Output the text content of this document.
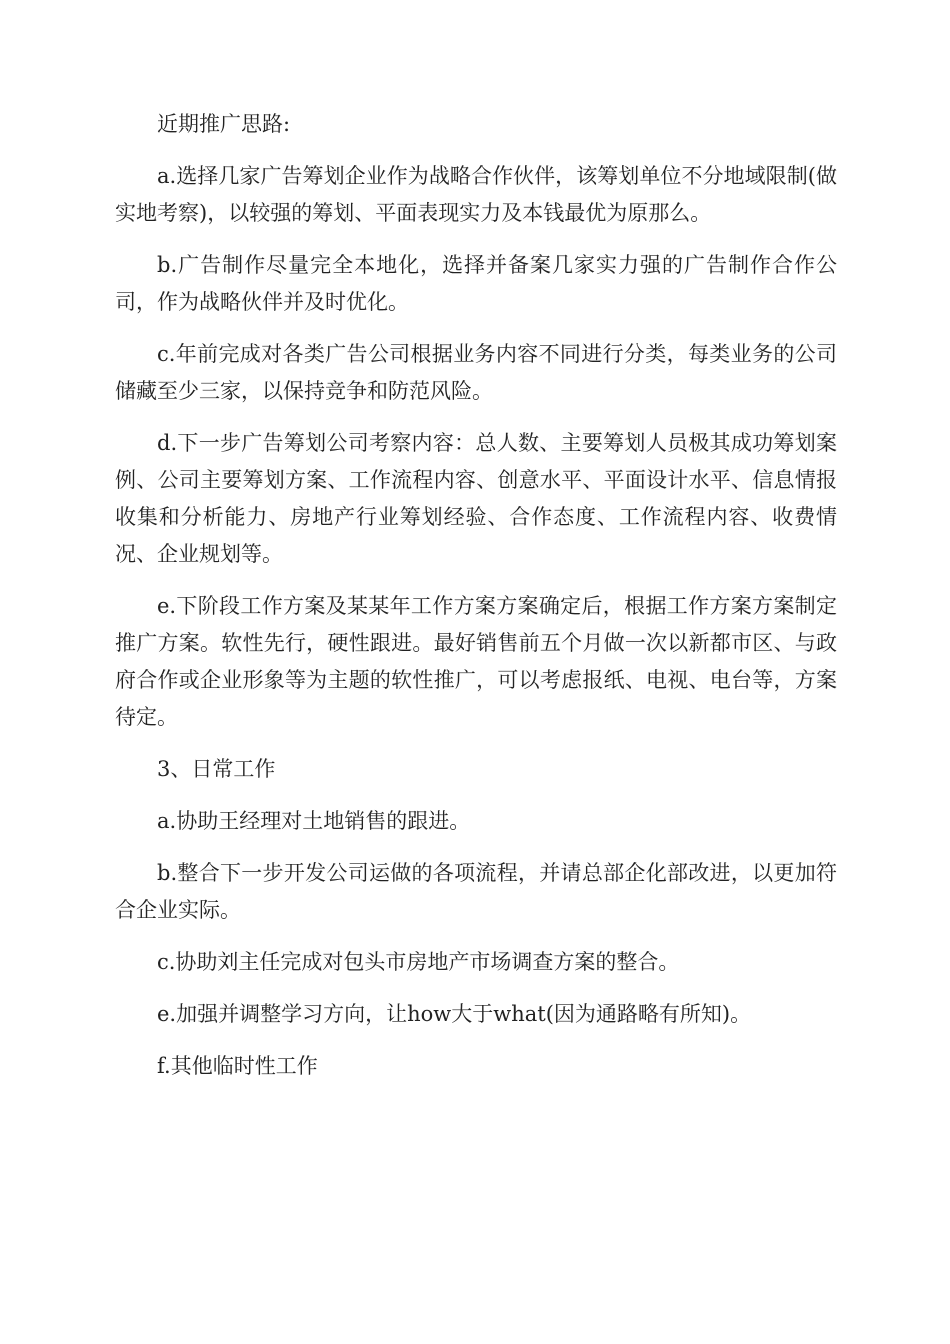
近期推广思路:

a.选择几家广告筹划企业作为战略合作伙伴，该筹划单位不分地域限制(做实地考察)，以较强的筹划、平面表现实力及本钱最优为原那么。

b.广告制作尽量完全本地化，选择并备案几家实力强的广告制作合作公司，作为战略伙伴并及时优化。

c.年前完成对各类广告公司根据业务内容不同进行分类，每类业务的公司储藏至少三家，以保持竞争和防范风险。

d.下一步广告筹划公司考察内容：总人数、主要筹划人员极其成功筹划案例、公司主要筹划方案、工作流程内容、创意水平、平面设计水平、信息情报收集和分析能力、房地产行业筹划经验、合作态度、工作流程内容、收费情况、企业规划等。

e.下阶段工作方案及某某年工作方案方案确定后，根据工作方案方案制定推广方案。软性先行，硬性跟进。最好销售前五个月做一次以新都市区、与政府合作或企业形象等为主题的软性推广，可以考虑报纸、电视、电台等，方案待定。

3、日常工作

a.协助王经理对土地销售的跟进。

b.整合下一步开发公司运做的各项流程，并请总部企化部改进，以更加符合企业实际。

c.协助刘主任完成对包头市房地产市场调查方案的整合。

e.加强并调整学习方向，让how大于what(因为通路略有所知)。

f.其他临时性工作
